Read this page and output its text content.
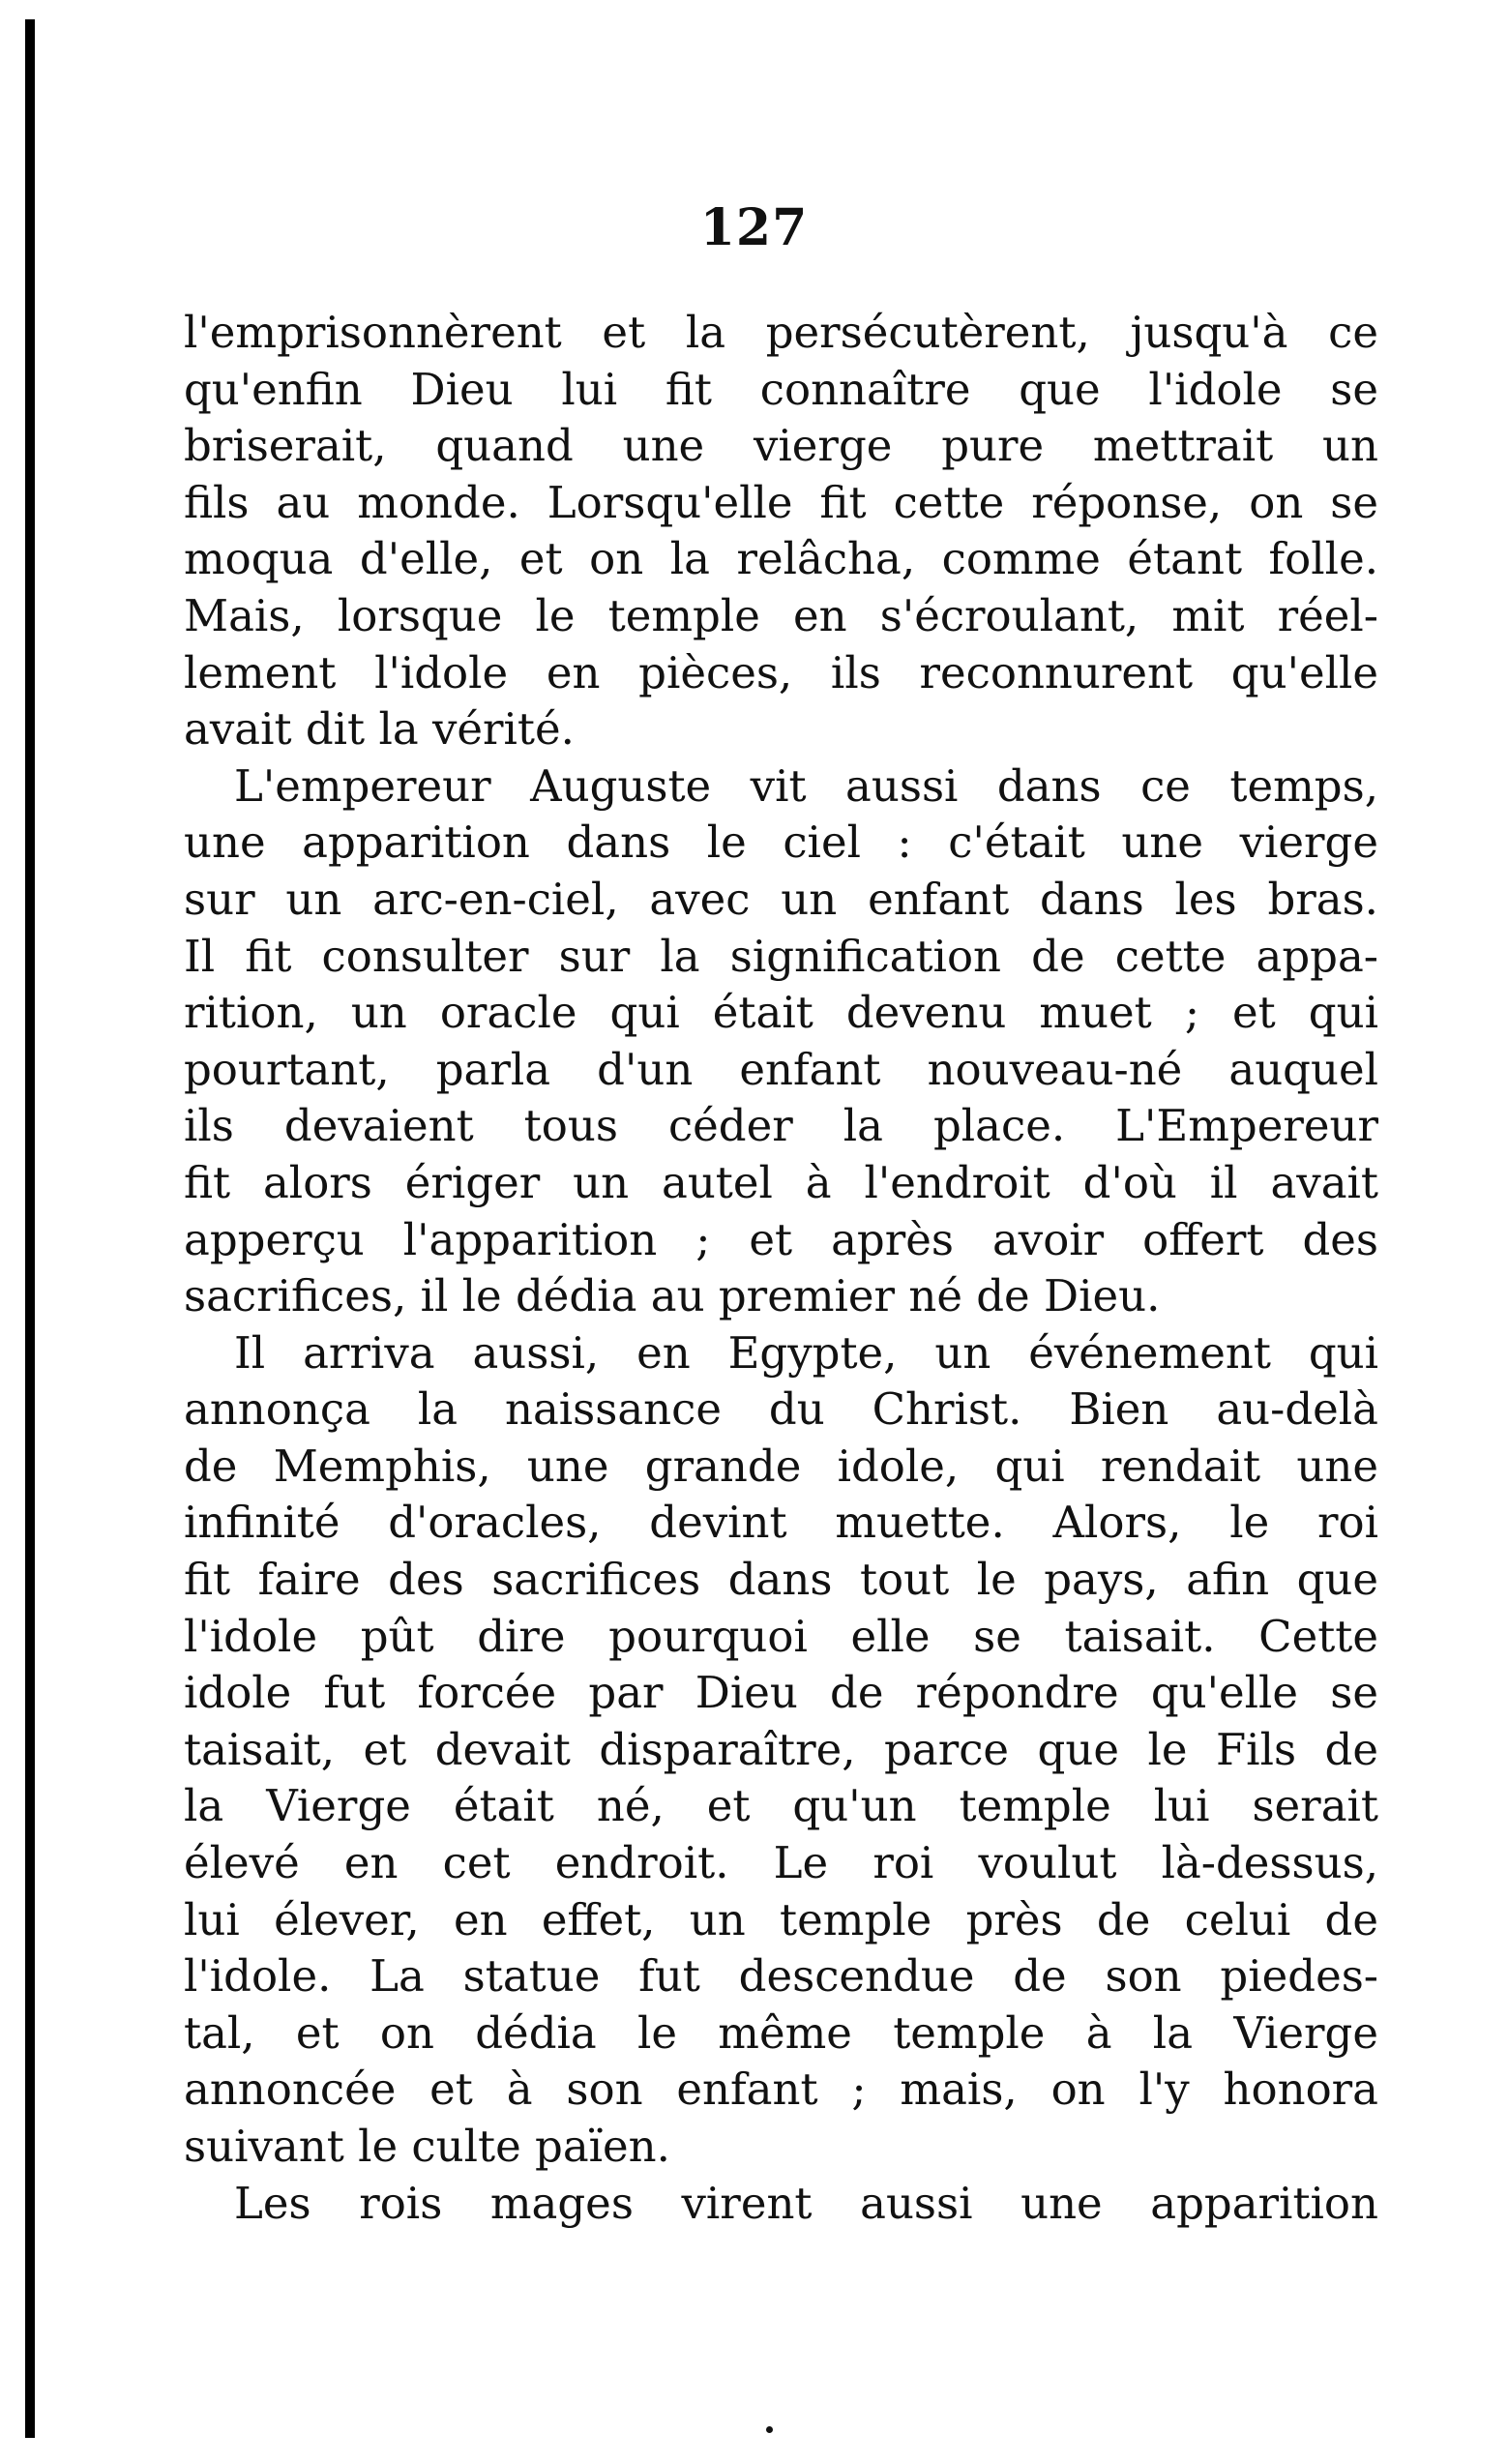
127
l'emprisonnèrent et la persécutèrent, jusqu'à ce
qu'enfin Dieu lui fit connaître que l'idole se
briserait, quand une vierge pure mettrait un
fils au monde. Lorsqu'elle fit cette réponse, on se
moqua d'elle, et on la relâcha, comme étant folle.
Mais, lorsque le temple en s'écroulant, mit réel-
lement l'idole en pièces, ils reconnurent qu'elle
avait dit la vérité.
L'empereur Auguste vit aussi dans ce temps,
une apparition dans le ciel : c'était une vierge
sur un arc-en-ciel, avec un enfant dans les bras.
Il fit consulter sur la signification de cette appa-
rition, un oracle qui était devenu muet ; et qui
pourtant, parla d'un enfant nouveau-né auquel
ils devaient tous céder la place. L'Empereur
fit alors ériger un autel à l'endroit d'où il avait
apperçu l'apparition ; et après avoir offert des
sacrifices, il le dédia au premier né de Dieu.
Il arriva aussi, en Egypte, un événement qui
annonça la naissance du Christ. Bien au-delà
de Memphis, une grande idole, qui rendait une
infinité d'oracles, devint muette. Alors, le roi
fit faire des sacrifices dans tout le pays, afin que
l'idole pût dire pourquoi elle se taisait. Cette
idole fut forcée par Dieu de répondre qu'elle se
taisait, et devait disparaître, parce que le Fils de
la Vierge était né, et qu'un temple lui serait
élevé en cet endroit. Le roi voulut là-dessus,
lui élever, en effet, un temple près de celui de
l'idole. La statue fut descendue de son piedes-
tal, et on dédia le même temple à la Vierge
annoncée et à son enfant ; mais, on l'y honora
suivant le culte païen.
Les rois mages virent aussi une apparition
